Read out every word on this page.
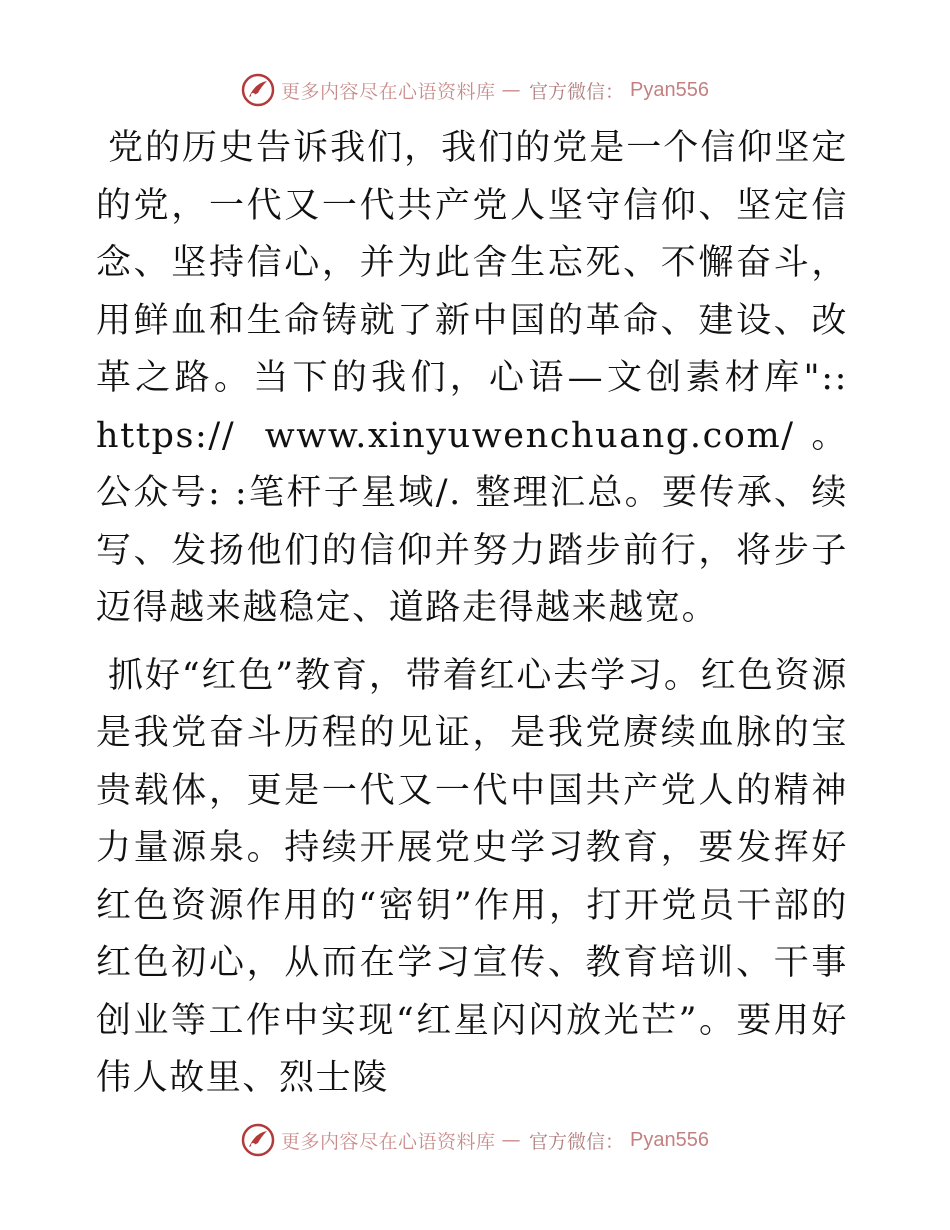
更多内容尽在心语资料库 — 官方微信： Pyan556

党的历史告诉我们，我们的党是一个信仰坚定的党，一代又一代共产党人坚守信仰、坚定信念、坚持信心，并为此舍生忘死、不懈奋斗，用鲜血和生命铸就了新中国的革命、建设、改革之路。当下的我们，心语—文创素材库":: https:// www.xinyuwenchuang.com/。公众号: :笔杆子星域/. 整理汇总。要传承、续写、发扬他们的信仰并努力踏步前行，将步子迈得越来越稳定、道路走得越来越宽。

抓好“红色”教育，带着红心去学习。红色资源是我党奋斗历程的见证，是我党赓续血脉的宝贵载体，更是一代又一代中国共产党人的精神力量源泉。持续开展党史学习教育，要发挥好红色资源作用的“密钥”作用，打开党员干部的红色初心，从而在学习宣传、教育培训、干事创业等工作中实现“红星闪闪放光芒”。要用好伟人故里、烈士陵

更多内容尽在心语资料库 — 官方微信： Pyan556
